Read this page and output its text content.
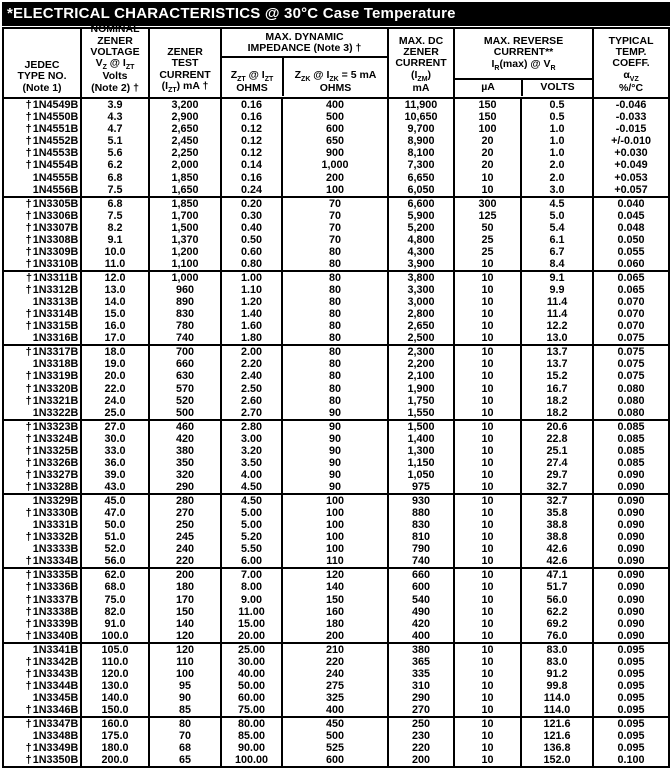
*ELECTRICAL CHARACTERISTICS @ 30°C Case Temperature
JEDEC
TYPE NO.
(Note 1)

NOMINAL
ZENER
VOLTAGE
$V_Z$ @ $I_{ZT}$
Volts
(Note 2) †

ZENER
TEST
CURRENT
$(I_{ZT})$ mA †

MAX. DYNAMIC
IMPEDANCE (Note 3) †
$Z_{ZT}$ @ $I_{ZT}$
OHMS
$Z_{ZK}$ @ $I_{ZK} = 5$ mA
OHMS

MAX. DC
ZENER
CURRENT
$(I_{ZM})$
mA

MAX. REVERSE
CURRENT**
$I_R(\max)$ @ $V_R$
µA	VOLTS

TYPICAL
TEMP.
COEFF.
$\alpha_{VZ}$
%/°C

†1N4549B	3.9	3,200	0.16	400	11,900	150	0.5	-0.046
†1N4550B	4.3	2,900	0.16	500	10,650	150	0.5	-0.033
†1N4551B	4.7	2,650	0.12	600	9,700	100	1.0	-0.015
†1N4552B	5.1	2,450	0.12	650	8,900	20	1.0	+/-0.010
†1N4553B	5.6	2,250	0.12	900	8,100	20	1.0	+0.030
†1N4554B	6.2	2,000	0.14	1,000	7,300	20	2.0	+0.049
1N4555B	6.8	1,850	0.16	200	6,650	10	2.0	+0.053
1N4556B	7.5	1,650	0.24	100	6,050	10	3.0	+0.057
†1N3305B	6.8	1,850	0.20	70	6,600	300	4.5	0.040
†1N3306B	7.5	1,700	0.30	70	5,900	125	5.0	0.045
†1N3307B	8.2	1,500	0.40	70	5,200	50	5.4	0.048
†1N3308B	9.1	1,370	0.50	70	4,800	25	6.1	0.050
†1N3309B	10.0	1,200	0.60	80	4,300	25	6.7	0.055
†1N3310B	11.0	1,100	0.80	80	3,900	10	8.4	0.060
†1N3311B	12.0	1,000	1.00	80	3,800	10	9.1	0.065
†1N3312B	13.0	960	1.10	80	3,300	10	9.9	0.065
1N3313B	14.0	890	1.20	80	3,000	10	11.4	0.070
†1N3314B	15.0	830	1.40	80	2,800	10	11.4	0.070
†1N3315B	16.0	780	1.60	80	2,650	10	12.2	0.070
1N3316B	17.0	740	1.80	80	2,500	10	13.0	0.075
†1N3317B	18.0	700	2.00	80	2,300	10	13.7	0.075
1N3318B	19.0	660	2.20	80	2,200	10	13.7	0.075
†1N3319B	20.0	630	2.40	80	2,100	10	15.2	0.075
†1N3320B	22.0	570	2.50	80	1,900	10	16.7	0.080
†1N3321B	24.0	520	2.60	80	1,750	10	18.2	0.080
1N3322B	25.0	500	2.70	90	1,550	10	18.2	0.080
†1N3323B	27.0	460	2.80	90	1,500	10	20.6	0.085
†1N3324B	30.0	420	3.00	90	1,400	10	22.8	0.085
†1N3325B	33.0	380	3.20	90	1,300	10	25.1	0.085
†1N3326B	36.0	350	3.50	90	1,150	10	27.4	0.085
†1N3327B	39.0	320	4.00	90	1,050	10	29.7	0.090
†1N3328B	43.0	290	4.50	90	975	10	32.7	0.090
1N3329B	45.0	280	4.50	100	930	10	32.7	0.090
†1N3330B	47.0	270	5.00	100	880	10	35.8	0.090
1N3331B	50.0	250	5.00	100	830	10	38.8	0.090
†1N3332B	51.0	245	5.20	100	810	10	38.8	0.090
1N3333B	52.0	240	5.50	100	790	10	42.6	0.090
†1N3334B	56.0	220	6.00	110	740	10	42.6	0.090
†1N3335B	62.0	200	7.00	120	660	10	47.1	0.090
†1N3336B	68.0	180	8.00	140	600	10	51.7	0.090
†1N3337B	75.0	170	9.00	150	540	10	56.0	0.090
†1N3338B	82.0	150	11.00	160	490	10	62.2	0.090
†1N3339B	91.0	140	15.00	180	420	10	69.2	0.090
†1N3340B	100.0	120	20.00	200	400	10	76.0	0.090
1N3341B	105.0	120	25.00	210	380	10	83.0	0.095
†1N3342B	110.0	110	30.00	220	365	10	83.0	0.095
†1N3343B	120.0	100	40.00	240	335	10	91.2	0.095
†1N3344B	130.0	95	50.00	275	310	10	99.8	0.095
1N3345B	140.0	90	60.00	325	290	10	114.0	0.095
†1N3346B	150.0	85	75.00	400	270	10	114.0	0.095
†1N3347B	160.0	80	80.00	450	250	10	121.6	0.095
1N3348B	175.0	70	85.00	500	230	10	121.6	0.095
†1N3349B	180.0	68	90.00	525	220	10	136.8	0.095
†1N3350B	200.0	65	100.00	600	200	10	152.0	0.100
